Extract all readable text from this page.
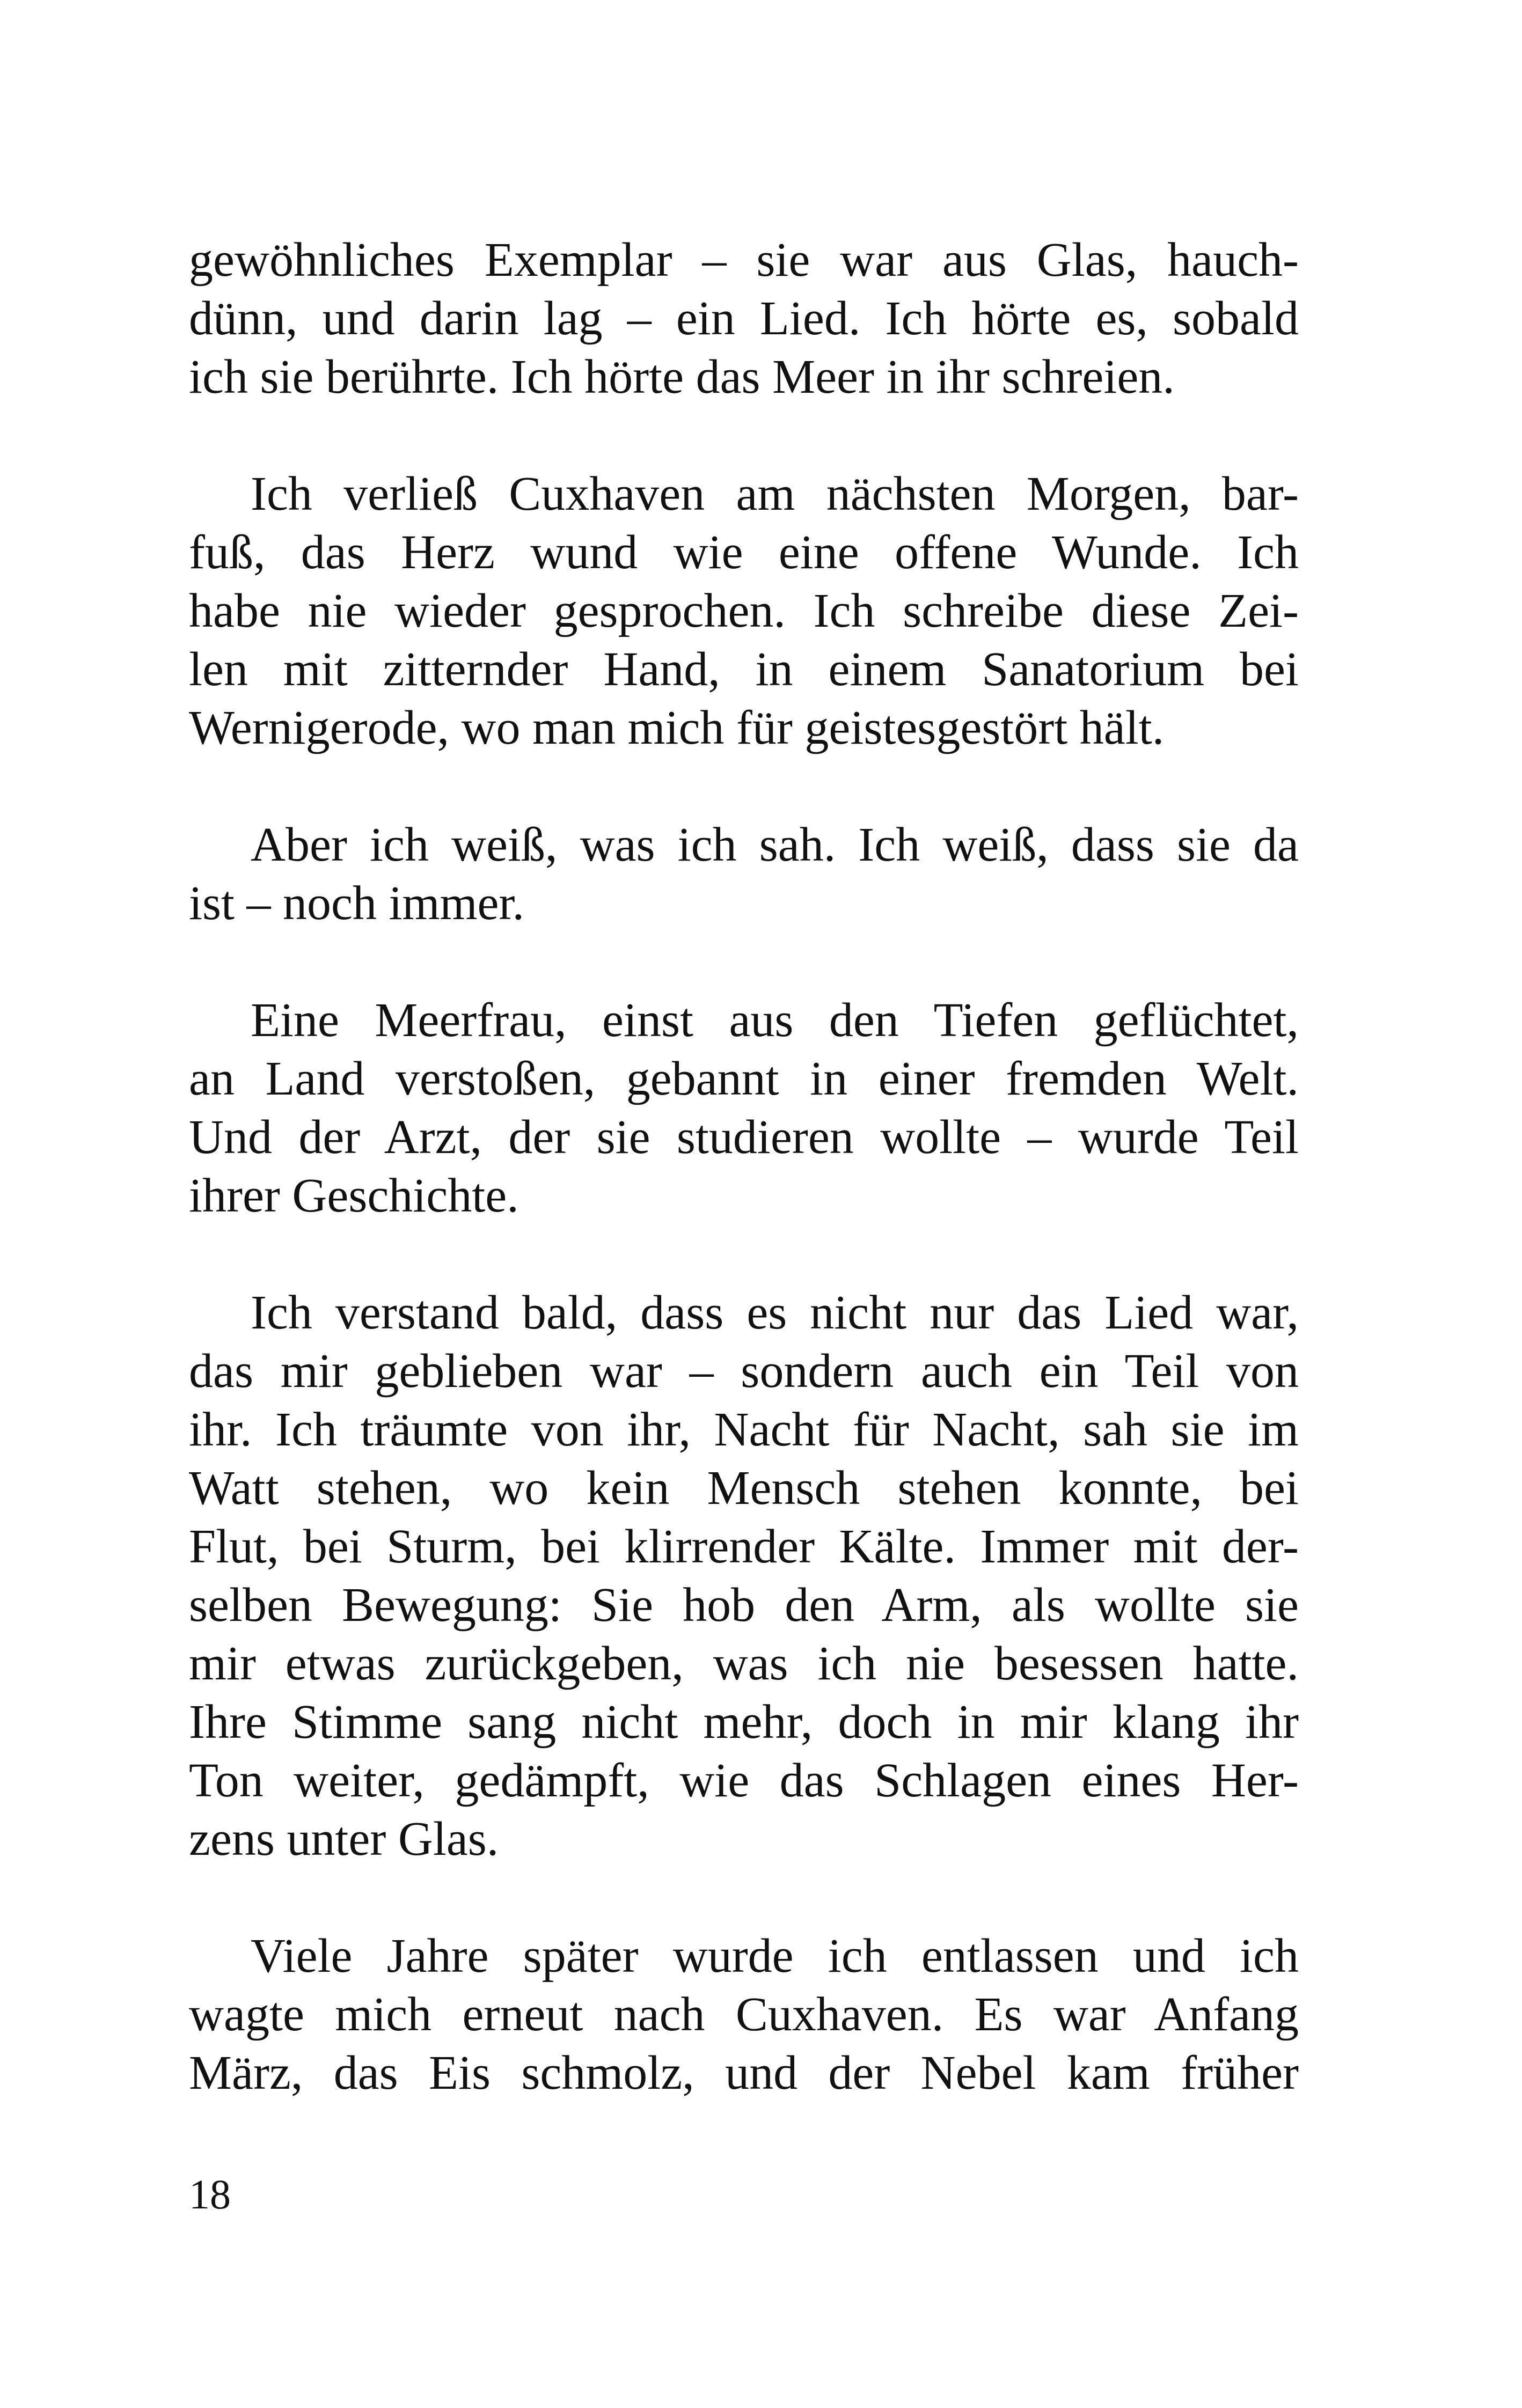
gewöhnliches Exemplar – sie war aus Glas, hauch-
dünn, und darin lag – ein Lied. Ich hörte es, sobald
ich sie berührte. Ich hörte das Meer in ihr schreien.
Ich verließ Cuxhaven am nächsten Morgen, bar-
fuß, das Herz wund wie eine offene Wunde. Ich
habe nie wieder gesprochen. Ich schreibe diese Zei-
len mit zitternder Hand, in einem Sanatorium bei
Wernigerode, wo man mich für geistesgestört hält.
Aber ich weiß, was ich sah. Ich weiß, dass sie da
ist – noch immer.
Eine Meerfrau, einst aus den Tiefen geflüchtet,
an Land verstoßen, gebannt in einer fremden Welt.
Und der Arzt, der sie studieren wollte – wurde Teil
ihrer Geschichte.
Ich verstand bald, dass es nicht nur das Lied war,
das mir geblieben war – sondern auch ein Teil von
ihr. Ich träumte von ihr, Nacht für Nacht, sah sie im
Watt stehen, wo kein Mensch stehen konnte, bei
Flut, bei Sturm, bei klirrender Kälte. Immer mit der-
selben Bewegung: Sie hob den Arm, als wollte sie
mir etwas zurückgeben, was ich nie besessen hatte.
Ihre Stimme sang nicht mehr, doch in mir klang ihr
Ton weiter, gedämpft, wie das Schlagen eines Her-
zens unter Glas.
Viele Jahre später wurde ich entlassen und ich
wagte mich erneut nach Cuxhaven. Es war Anfang
März, das Eis schmolz, und der Nebel kam früher
18
